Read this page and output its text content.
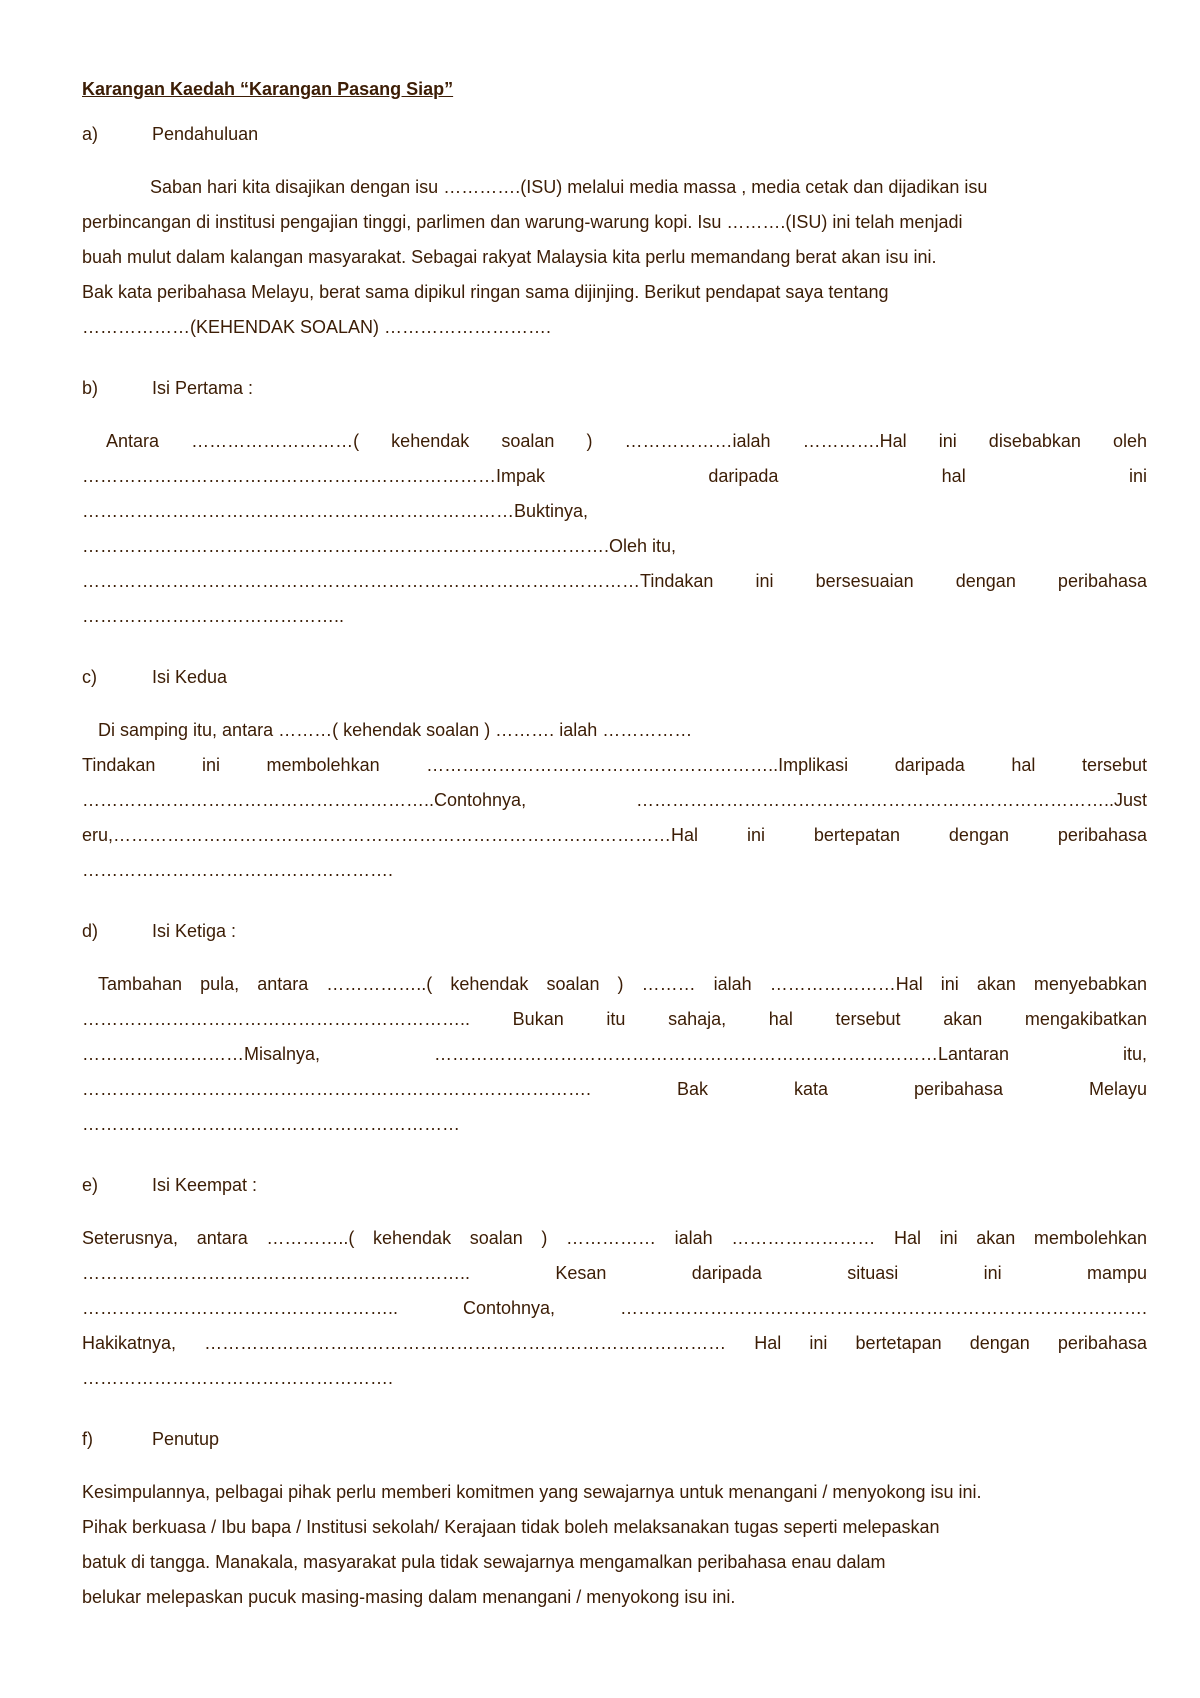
Karangan Kaedah “Karangan Pasang Siap”
a)	Pendahuluan
Saban hari kita disajikan dengan isu ………….(ISU) melalui media massa , media cetak dan dijadikan isu
perbincangan di institusi pengajian tinggi, parlimen dan warung-warung kopi. Isu ……….(ISU) ini telah menjadi
buah mulut dalam kalangan masyarakat. Sebagai rakyat Malaysia kita perlu memandang berat akan isu ini.
Bak kata peribahasa Melayu, berat sama dipikul ringan sama dijinjing. Berikut pendapat saya tentang
………………(KEHENDAK SOALAN) ……………………….
b)	Isi Pertama :
Antara ………………………( kehendak soalan ) ………………ialah ………….Hal ini disebabkan oleh
……………………………………………………………Impak daripada hal ini
………………………………………………………………Buktinya,
…………………………………………………………………………….Oleh itu,
…………………………………………………………………………………Tindakan ini bersesuaian dengan peribahasa
……………………………………..
c)	Isi Kedua
Di samping itu, antara ………( kehendak soalan ) ………. ialah ……………
Tindakan ini membolehkan …………………………………………………..Implikasi daripada hal tersebut
…………………………………………………..Contohnya, ……………………………………………………………………..Just
eru,…………………………………………………………………………………Hal ini bertepatan dengan peribahasa
…………………………………………….
d)	Isi Ketiga :
Tambahan pula, antara ……………..( kehendak soalan ) ……… ialah …………………Hal ini akan menyebabkan
……………………………………………………….. Bukan itu sahaja, hal tersebut akan mengakibatkan
………………………Misalnya, …………………………………………………………………………Lantaran itu,
…………………………………………………………………………. Bak kata peribahasa Melayu
………………………………………………………
e)	Isi Keempat :
Seterusnya, antara …………..( kehendak soalan ) …………… ialah …………………… Hal ini akan membolehkan
……………………………………………………….. Kesan daripada situasi ini mampu
…………………………………………….. Contohnya, …………………………………………………………………………….
Hakikatnya, …………………………………………………………………………… Hal ini bertetapan dengan peribahasa
…………………………………………….
f)	Penutup
Kesimpulannya, pelbagai pihak perlu memberi komitmen yang sewajarnya untuk menangani / menyokong isu ini.
Pihak berkuasa / Ibu bapa / Institusi sekolah/ Kerajaan tidak boleh melaksanakan tugas seperti melepaskan
batuk di tangga. Manakala, masyarakat pula tidak sewajarnya mengamalkan peribahasa enau dalam
belukar melepaskan pucuk masing-masing dalam menangani / menyokong isu ini.
